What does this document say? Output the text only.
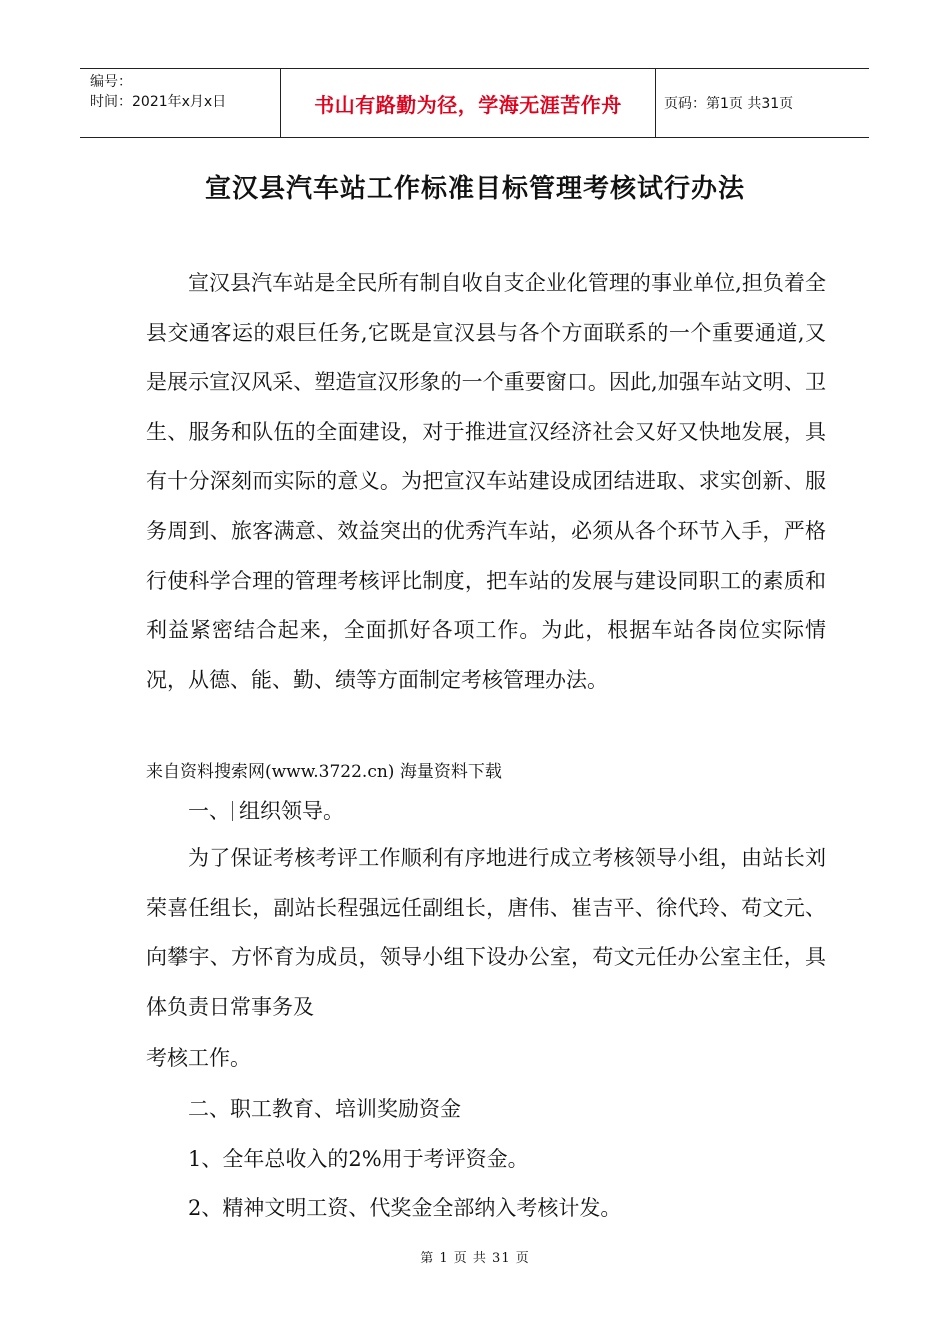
编号：
时间：2021年x月x日	书山有路勤为径，学海无涯苦作舟	页码：第1页 共31页
宣汉县汽车站工作标准目标管理考核试行办法
宣汉县汽车站是全民所有制自收自支企业化管理的事业单位,担负着全县交通客运的艰巨任务,它既是宣汉县与各个方面联系的一个重要通道,又是展示宣汉风采、塑造宣汉形象的一个重要窗口。因此,加强车站文明、卫生、服务和队伍的全面建设，对于推进宣汉经济社会又好又快地发展，具有十分深刻而实际的意义。为把宣汉车站建设成团结进取、求实创新、服务周到、旅客满意、效益突出的优秀汽车站，必须从各个环节入手，严格行使科学合理的管理考核评比制度，把车站的发展与建设同职工的素质和利益紧密结合起来，全面抓好各项工作。为此，根据车站各岗位实际情况，从德、能、勤、绩等方面制定考核管理办法。
来自资料搜索网(www.3722.cn) 海量资料下载
一、 组织领导。
为了保证考核考评工作顺利有序地进行成立考核领导小组，由站长刘荣喜任组长，副站长程强远任副组长，唐伟、崔吉平、徐代玲、苟文元、向攀宇、方怀育为成员，领导小组下设办公室，苟文元任办公室主任，具体负责日常事务及
考核工作。
二、职工教育、培训奖励资金
1、全年总收入的2%用于考评资金。
2、精神文明工资、代奖金全部纳入考核计发。
第 1 页 共 31 页
